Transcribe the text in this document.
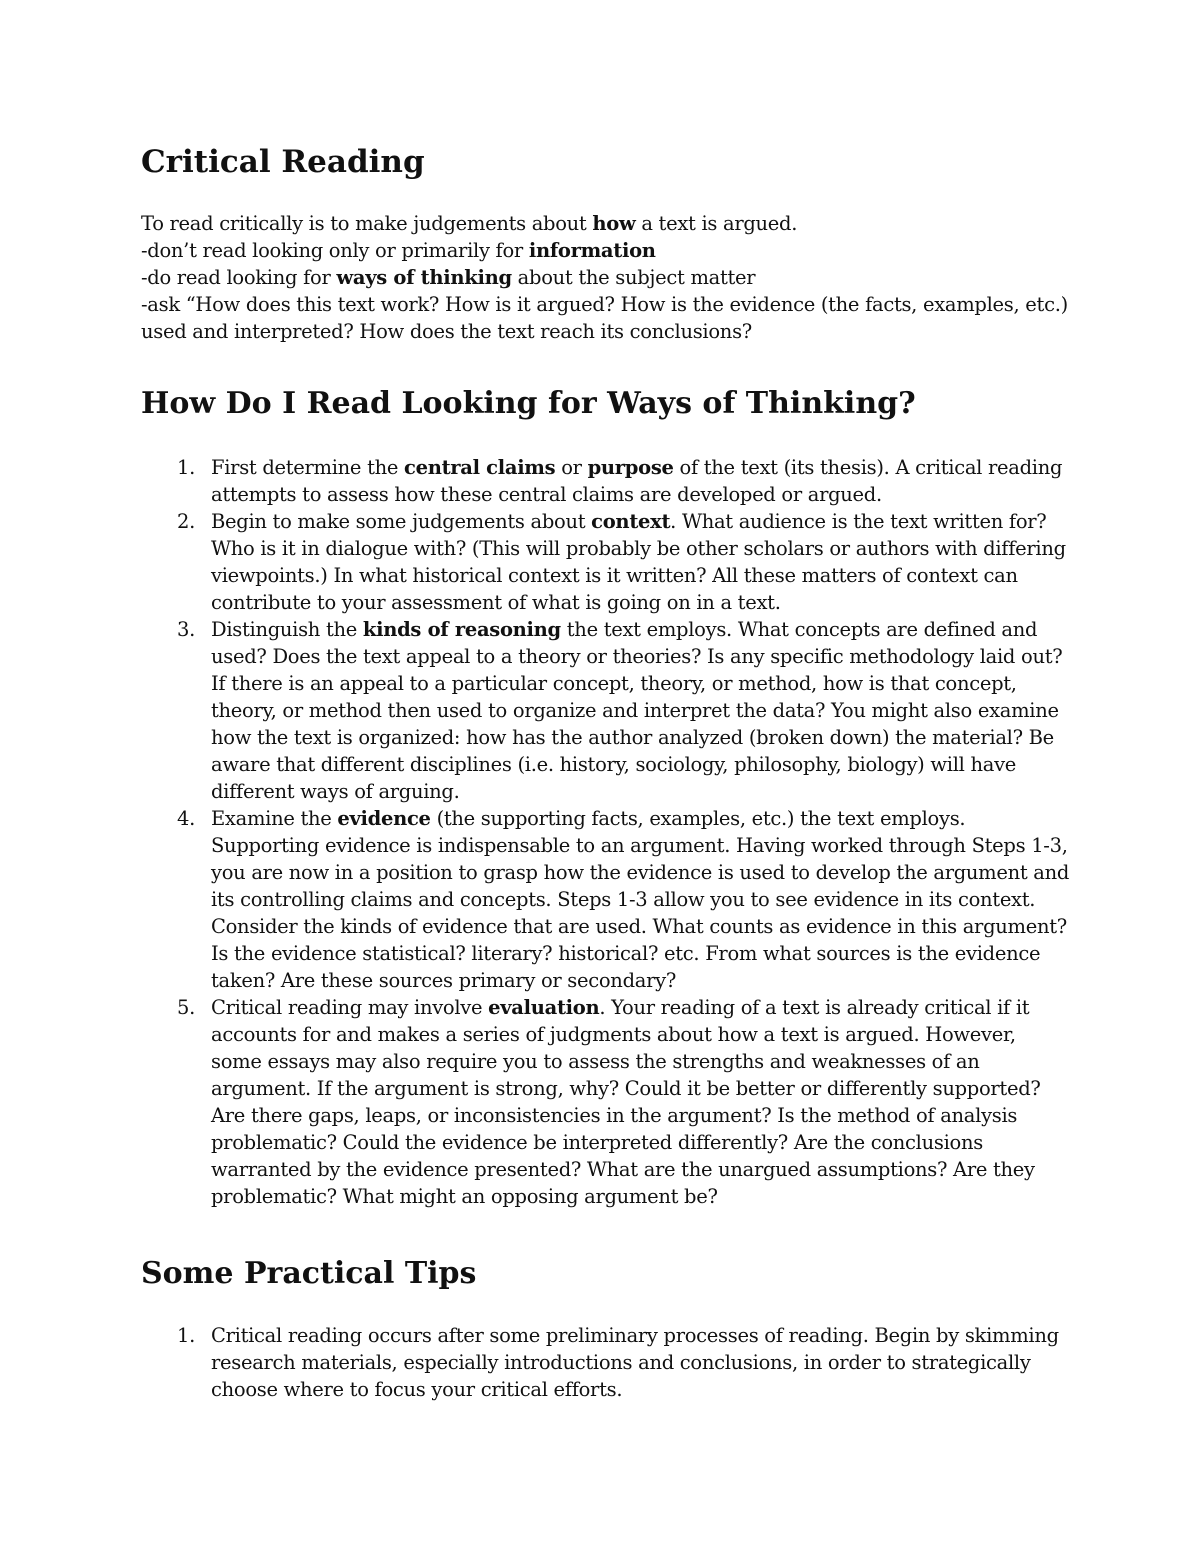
Critical Reading

To read critically is to make judgements about how a text is argued.

-don’t read looking only or primarily for information

-do read looking for ways of thinking about the subject matter

-ask “How does this text work? How is it argued? How is the evidence (the facts, examples, etc.) used and interpreted? How does the text reach its conclusions?

How Do I Read Looking for Ways of Thinking?
1. First determine the central claims or purpose of the text (its thesis). A critical reading attempts to assess how these central claims are developed or argued.
2. Begin to make some judgements about context. What audience is the text written for? Who is it in dialogue with? (This will probably be other scholars or authors with differing viewpoints.) In what historical context is it written? All these matters of context can contribute to your assessment of what is going on in a text.
3. Distinguish the kinds of reasoning the text employs. What concepts are defined and used? Does the text appeal to a theory or theories? Is any specific methodology laid out? If there is an appeal to a particular concept, theory, or method, how is that concept, theory, or method then used to organize and interpret the data? You might also examine how the text is organized: how has the author analyzed (broken down) the material? Be aware that different disciplines (i.e. history, sociology, philosophy, biology) will have different ways of arguing.
4. Examine the evidence (the supporting facts, examples, etc.) the text employs. Supporting evidence is indispensable to an argument. Having worked through Steps 1-3, you are now in a position to grasp how the evidence is used to develop the argument and its controlling claims and concepts. Steps 1-3 allow you to see evidence in its context. Consider the kinds of evidence that are used. What counts as evidence in this argument? Is the evidence statistical? literary? historical? etc. From what sources is the evidence taken? Are these sources primary or secondary?
5. Critical reading may involve evaluation. Your reading of a text is already critical if it accounts for and makes a series of judgments about how a text is argued. However, some essays may also require you to assess the strengths and weaknesses of an argument. If the argument is strong, why? Could it be better or differently supported? Are there gaps, leaps, or inconsistencies in the argument? Is the method of analysis problematic? Could the evidence be interpreted differently? Are the conclusions warranted by the evidence presented? What are the unargued assumptions? Are they problematic? What might an opposing argument be?
Some Practical Tips
1. Critical reading occurs after some preliminary processes of reading. Begin by skimming research materials, especially introductions and conclusions, in order to strategically choose where to focus your critical efforts.
